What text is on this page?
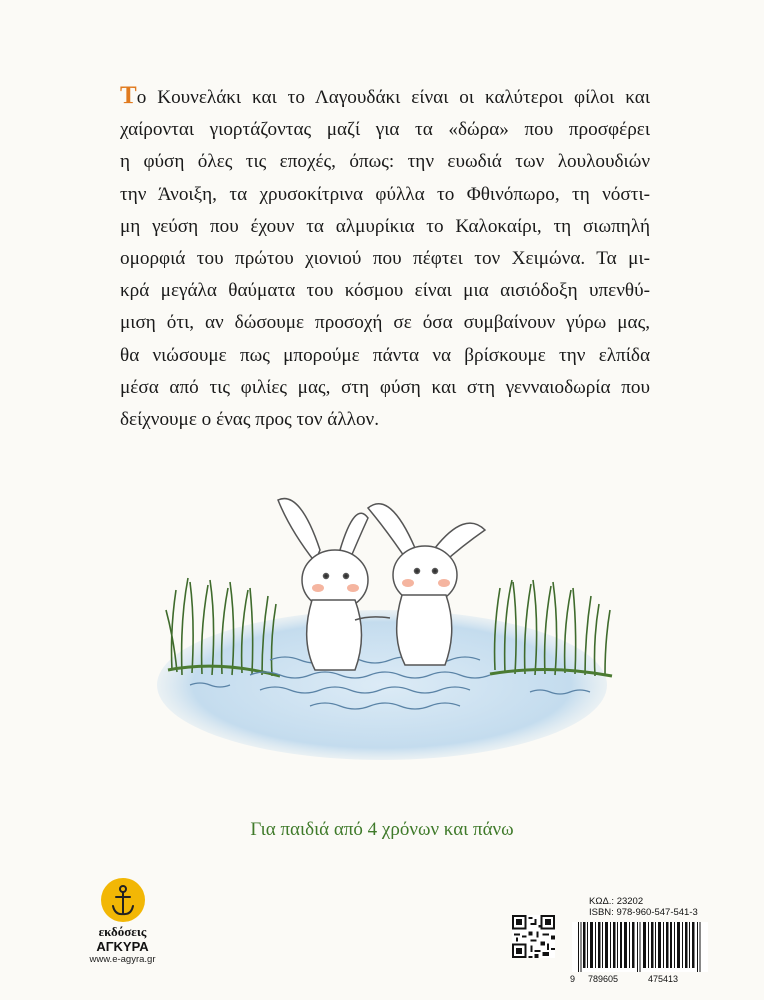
Το Κουνελάκι και το Λαγουδάκι είναι οι καλύτεροι φίλοι και
χαίρονται γιορτάζοντας μαζί για τα «δώρα» που προσφέρει
η φύση όλες τις εποχές, όπως: την ευωδιά των λουλουδιών
την Άνοιξη, τα χρυσοκίτρινα φύλλα το Φθινόπωρο, τη νόστι-
μη γεύση που έχουν τα αλμυρίκια το Καλοκαίρι, τη σιωπηλή
ομορφιά του πρώτου χιονιού που πέφτει τον Χειμώνα. Τα μι-
κρά μεγάλα θαύματα του κόσμου είναι μια αισιόδοξη υπενθύ-
μιση ότι, αν δώσουμε προσοχή σε όσα συμβαίνουν γύρω μας,
θα νιώσουμε πως μπορούμε πάντα να βρίσκουμε την ελπίδα
μέσα από τις φιλίες μας, στη φύση και στη γενναιοδωρία που
δείχνουμε ο ένας προς τον άλλον.
Για παιδιά από 4 χρόνων και πάνω
εκδόσεις
ΑΓΚΥΡΑ
www.e-agyra.gr
ΚΩΔ.: 23202
ISBN: 978-960-547-541-3
9 789605	475413
